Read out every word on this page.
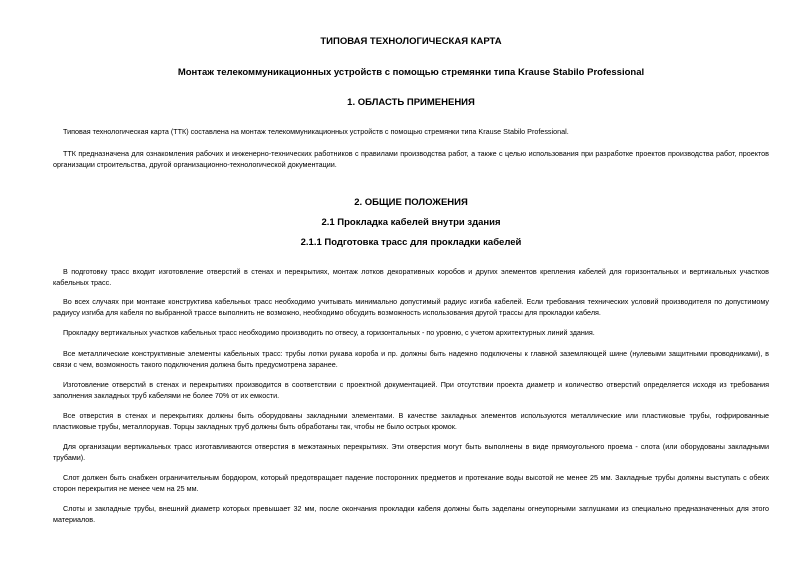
ТИПОВАЯ ТЕХНОЛОГИЧЕСКАЯ КАРТА
Монтаж телекоммуникационных устройств с помощью стремянки типа Krause Stabilo Professional
1. ОБЛАСТЬ ПРИМЕНЕНИЯ
Типовая технологическая карта (ТТК) составлена на монтаж телекоммуникационных устройств с помощью стремянки типа Krause Stabilo Professional.
ТТК предназначена для ознакомления рабочих и инженерно-технических работников с правилами производства работ, а также с целью использования при разработке проектов производства работ, проектов организации строительства, другой организационно-технологической документации.
2. ОБЩИЕ ПОЛОЖЕНИЯ
2.1 Прокладка кабелей внутри здания
2.1.1 Подготовка трасс для прокладки кабелей
В подготовку трасс входит изготовление отверстий в стенах и перекрытиях, монтаж лотков декоративных коробов и других элементов крепления кабелей для горизонтальных и вертикальных участков кабельных трасс.
Во всех случаях при монтаже конструктива кабельных трасс необходимо учитывать минимально допустимый радиус изгиба кабелей. Если требования технических условий производителя по допустимому радиусу изгиба для кабеля по выбранной трассе выполнить не возможно, необходимо обсудить возможность использования другой трассы для прокладки кабеля.
Прокладку вертикальных участков кабельных трасс необходимо производить по отвесу, а горизонтальных - по уровню, с учетом архитектурных линий здания.
Все металлические конструктивные элементы кабельных трасс: трубы лотки рукава короба и пр. должны быть надежно подключены к главной заземляющей шине (нулевыми защитными проводниками), в связи с чем, возможность такого подключения должна быть предусмотрена заранее.
Изготовление отверстий в стенах и перекрытиях производится в соответствии с проектной документацией. При отсутствии проекта диаметр и количество отверстий определяется исходя из требования заполнения закладных труб кабелями не более 70% от их емкости.
Все отверстия в стенах и перекрытиях должны быть оборудованы закладными элементами. В качестве закладных элементов используются металлические или пластиковые трубы, гофрированные пластиковые трубы, металлорукав. Торцы закладных труб должны быть обработаны так, чтобы не было острых кромок.
Для организации вертикальных трасс изготавливаются отверстия в межэтажных перекрытиях. Эти отверстия могут быть выполнены в виде прямоугольного проема - слота (или оборудованы закладными трубами).
Слот должен быть снабжен ограничительным бордюром, который предотвращает падение посторонних предметов и протекание воды высотой не менее 25 мм. Закладные трубы должны выступать с обеих сторон перекрытия не менее чем на 25 мм.
Слоты и закладные трубы, внешний диаметр которых превышает 32 мм, после окончания прокладки кабеля должны быть заделаны огнеупорными заглушками из специально предназначенных для этого материалов.
